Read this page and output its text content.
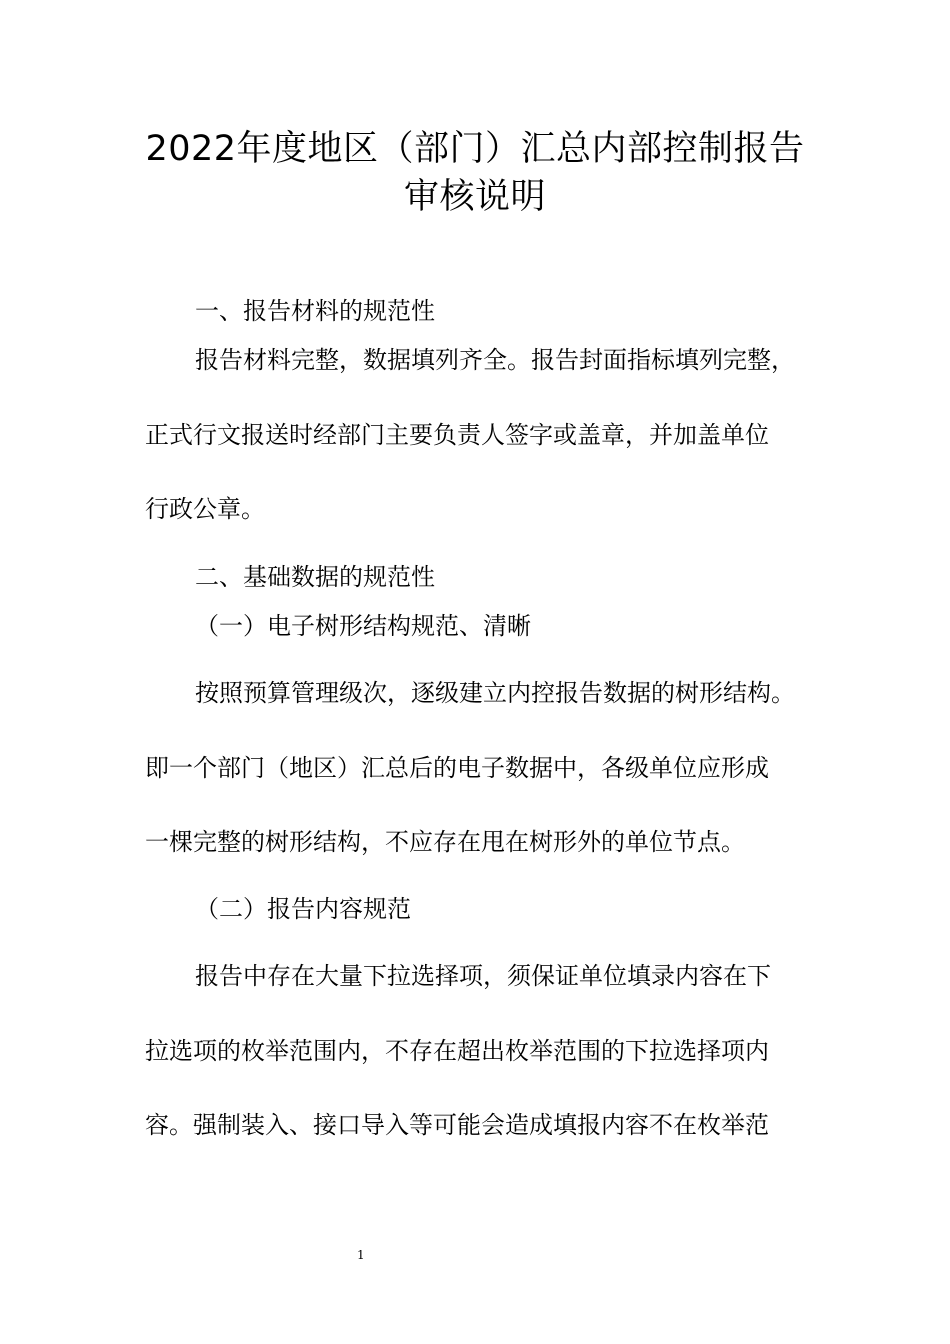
2022年度地区（部门）汇总内部控制报告
审核说明

一、报告材料的规范性

报告材料完整，数据填列齐全。报告封面指标填列完整，

正式行文报送时经部门主要负责人签字或盖章，并加盖单位

行政公章。

二、基础数据的规范性

（一）电子树形结构规范、清晰

按照预算管理级次，逐级建立内控报告数据的树形结构。

即一个部门（地区）汇总后的电子数据中，各级单位应形成

一棵完整的树形结构，不应存在甩在树形外的单位节点。

（二）报告内容规范

报告中存在大量下拉选择项，须保证单位填录内容在下

拉选项的枚举范围内，不存在超出枚举范围的下拉选择项内

容。强制装入、接口导入等可能会造成填报内容不在枚举范

1
